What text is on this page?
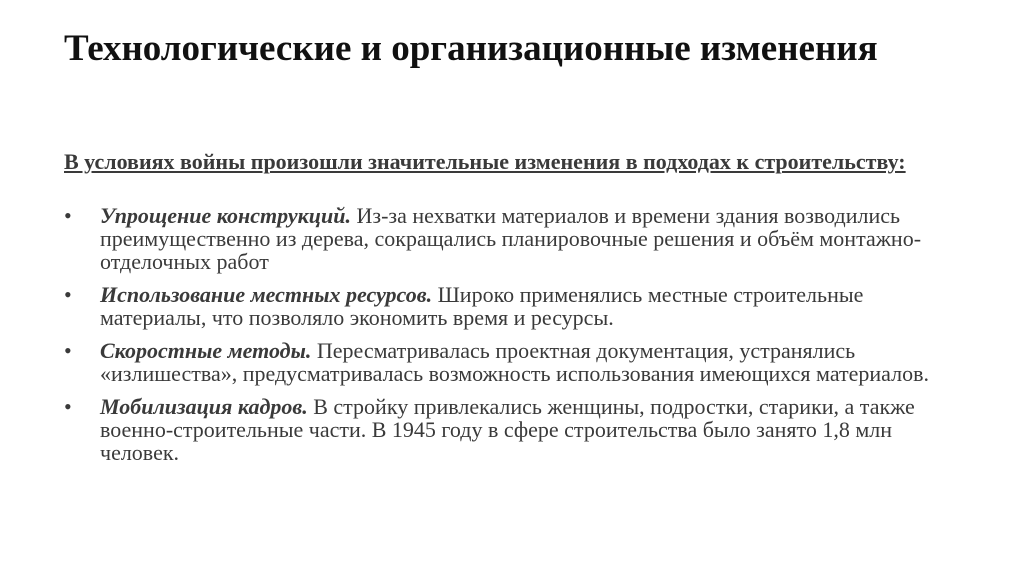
Технологические и организационные изменения

В условиях войны произошли значительные изменения в подходах к строительству:

•	Упрощение конструкций. Из-за нехватки материалов и времени здания возводились преимущественно из дерева, сокращались планировочные решения и объём монтажно-отделочных работ
•	Использование местных ресурсов. Широко применялись местные строительные материалы, что позволяло экономить время и ресурсы.
•	Скоростные методы. Пересматривалась проектная документация, устранялись «излишества», предусматривалась возможность использования имеющихся материалов.
•	Мобилизация кадров. В стройку привлекались женщины, подростки, старики, а также военно-строительные части. В 1945 году в сфере строительства было занято 1,8 млн человек.
